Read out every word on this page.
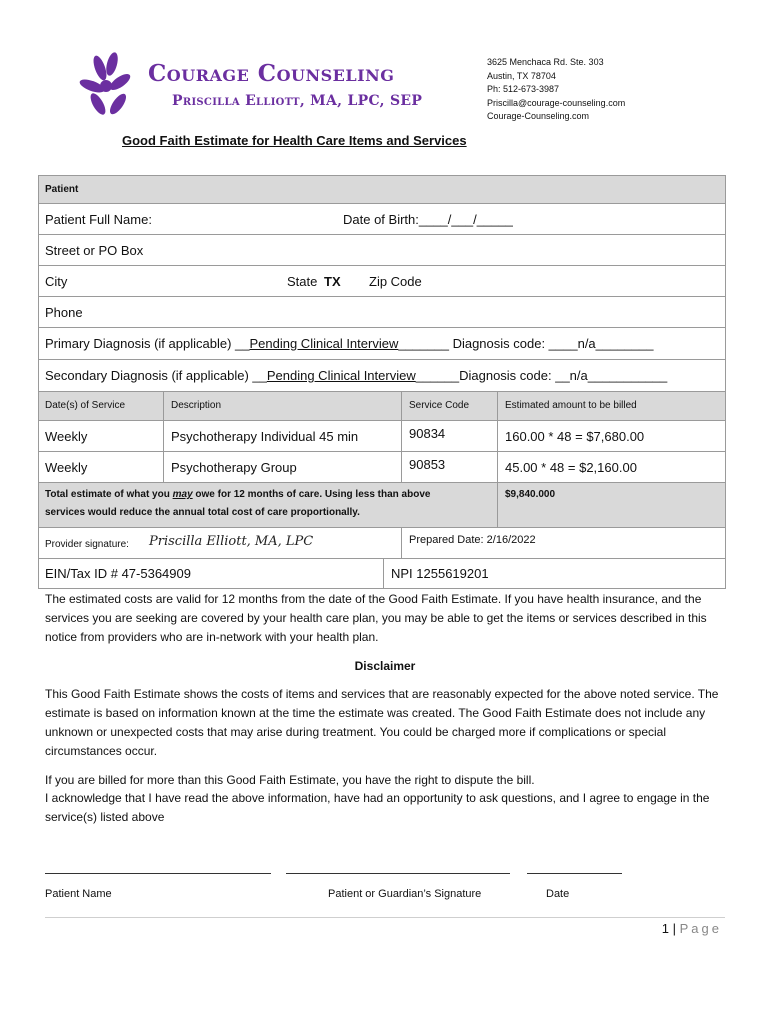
Courage Counseling
Priscilla Elliott, MA, LPC, SEP
3625 Menchaca Rd. Ste. 303
Austin, TX 78704
Ph: 512-673-3987
Priscilla@courage-counseling.com
Courage-Counseling.com
Good Faith Estimate for Health Care Items and Services
Patient
Patient Full Name:	Date of Birth:____/___/_____
Street or PO Box
City	State TX Zip Code
Phone
Primary Diagnosis (if applicable) __Pending Clinical Interview_______ Diagnosis code: ____n/a________
Secondary Diagnosis (if applicable) __Pending Clinical Interview______Diagnosis code: __n/a___________
Date(s) of Service	Description	Service Code	Estimated amount to be billed
Weekly	Psychotherapy Individual 45 min	90834	160.00 * 48 = $7,680.00
Weekly	Psychotherapy Group	90853	45.00 * 48 = $2,160.00
Total estimate of what you may owe for 12 months of care. Using less than above
services would reduce the annual total cost of care proportionally.
$9,840.000
Provider signature: Priscilla Elliott, MA, LPC	Prepared Date: 2/16/2022
EIN/Tax ID # 47-5364909	NPI 1255619201
The estimated costs are valid for 12 months from the date of the Good Faith Estimate. If you have health insurance, and the services you are seeking are covered by your health care plan, you may be able to get the items or services described in this notice from providers who are in-network with your health plan.
Disclaimer
This Good Faith Estimate shows the costs of items and services that are reasonably expected for the above noted service. The estimate is based on information known at the time the estimate was created. The Good Faith Estimate does not include any unknown or unexpected costs that may arise during treatment. You could be charged more if complications or special circumstances occur.
If you are billed for more than this Good Faith Estimate, you have the right to dispute the bill.
I acknowledge that I have read the above information, have had an opportunity to ask questions, and I agree to engage in the service(s) listed above
Patient Name	Patient or Guardian’s Signature	Date
1 | Page
